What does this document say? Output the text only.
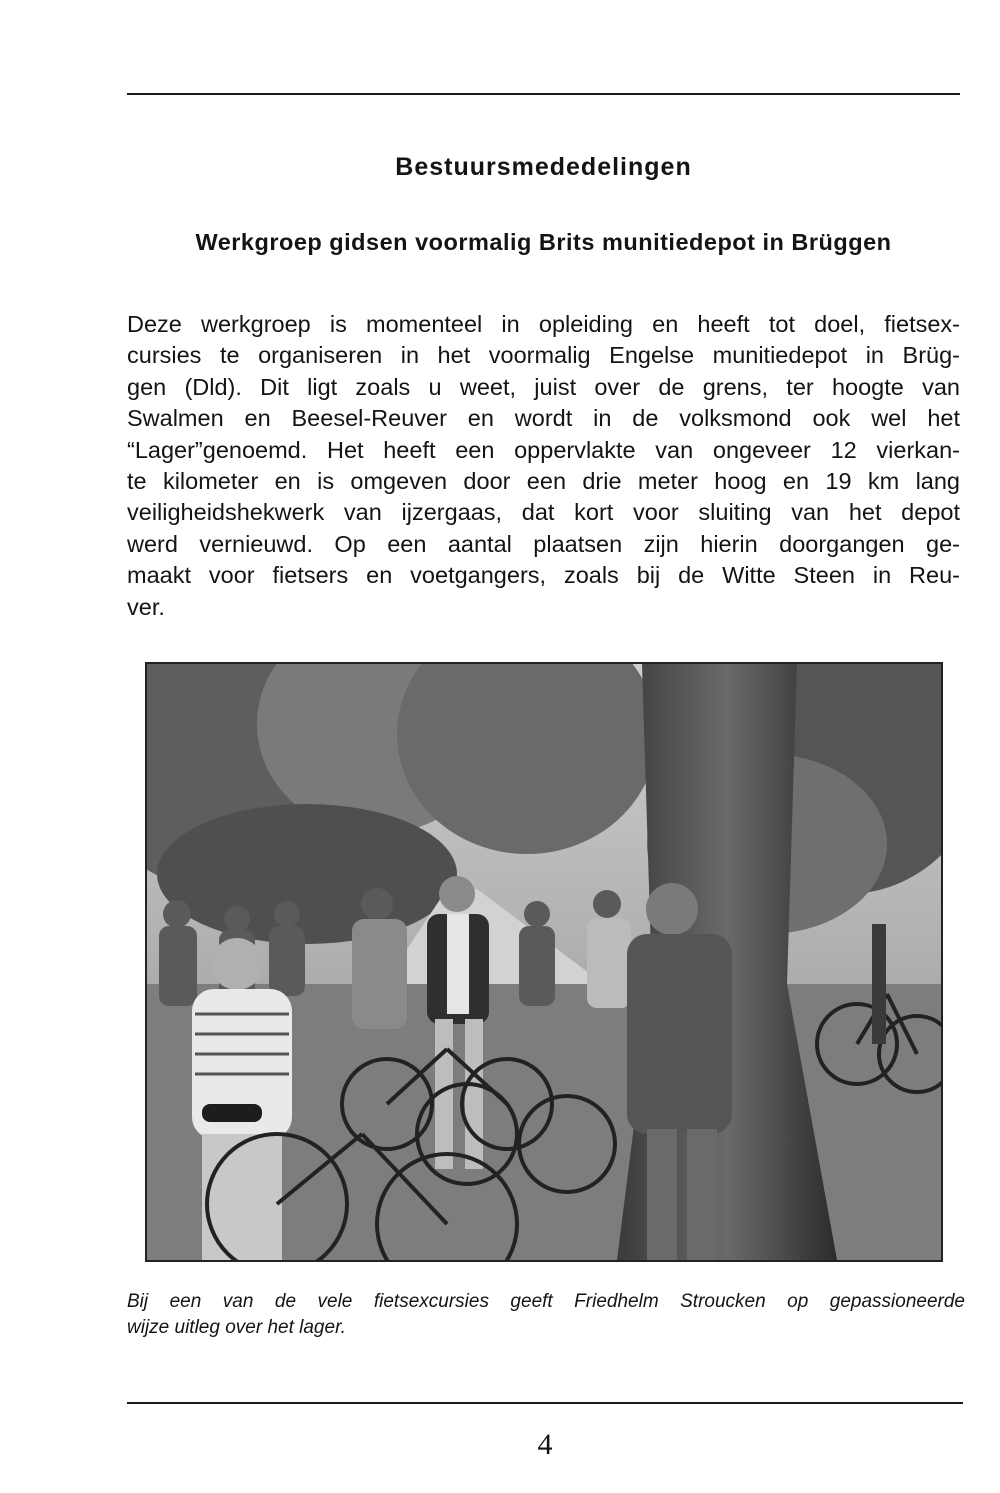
Bestuursmededelingen
Werkgroep gidsen voormalig Brits munitiedepot in Brüggen
Deze werkgroep is momenteel in opleiding en heeft tot doel, fietsex-
cursies te organiseren in het voormalig Engelse munitiedepot in Brüg-
gen (Dld). Dit ligt zoals u weet, juist over de grens, ter hoogte van
Swalmen en Beesel-Reuver en wordt in de volksmond ook wel het
“Lager”genoemd. Het heeft een oppervlakte van ongeveer 12 vierkan-
te kilometer en is omgeven door een drie meter hoog en 19 km lang
veiligheidshekwerk van ijzergaas, dat kort voor sluiting van het depot
werd vernieuwd. Op een aantal plaatsen zijn hierin doorgangen ge-
maakt voor fietsers en voetgangers, zoals bij de Witte Steen in Reu-
ver.
Bij een van de vele fietsexcursies geeft Friedhelm Stroucken op gepassioneerde
wijze uitleg over het lager.
4
